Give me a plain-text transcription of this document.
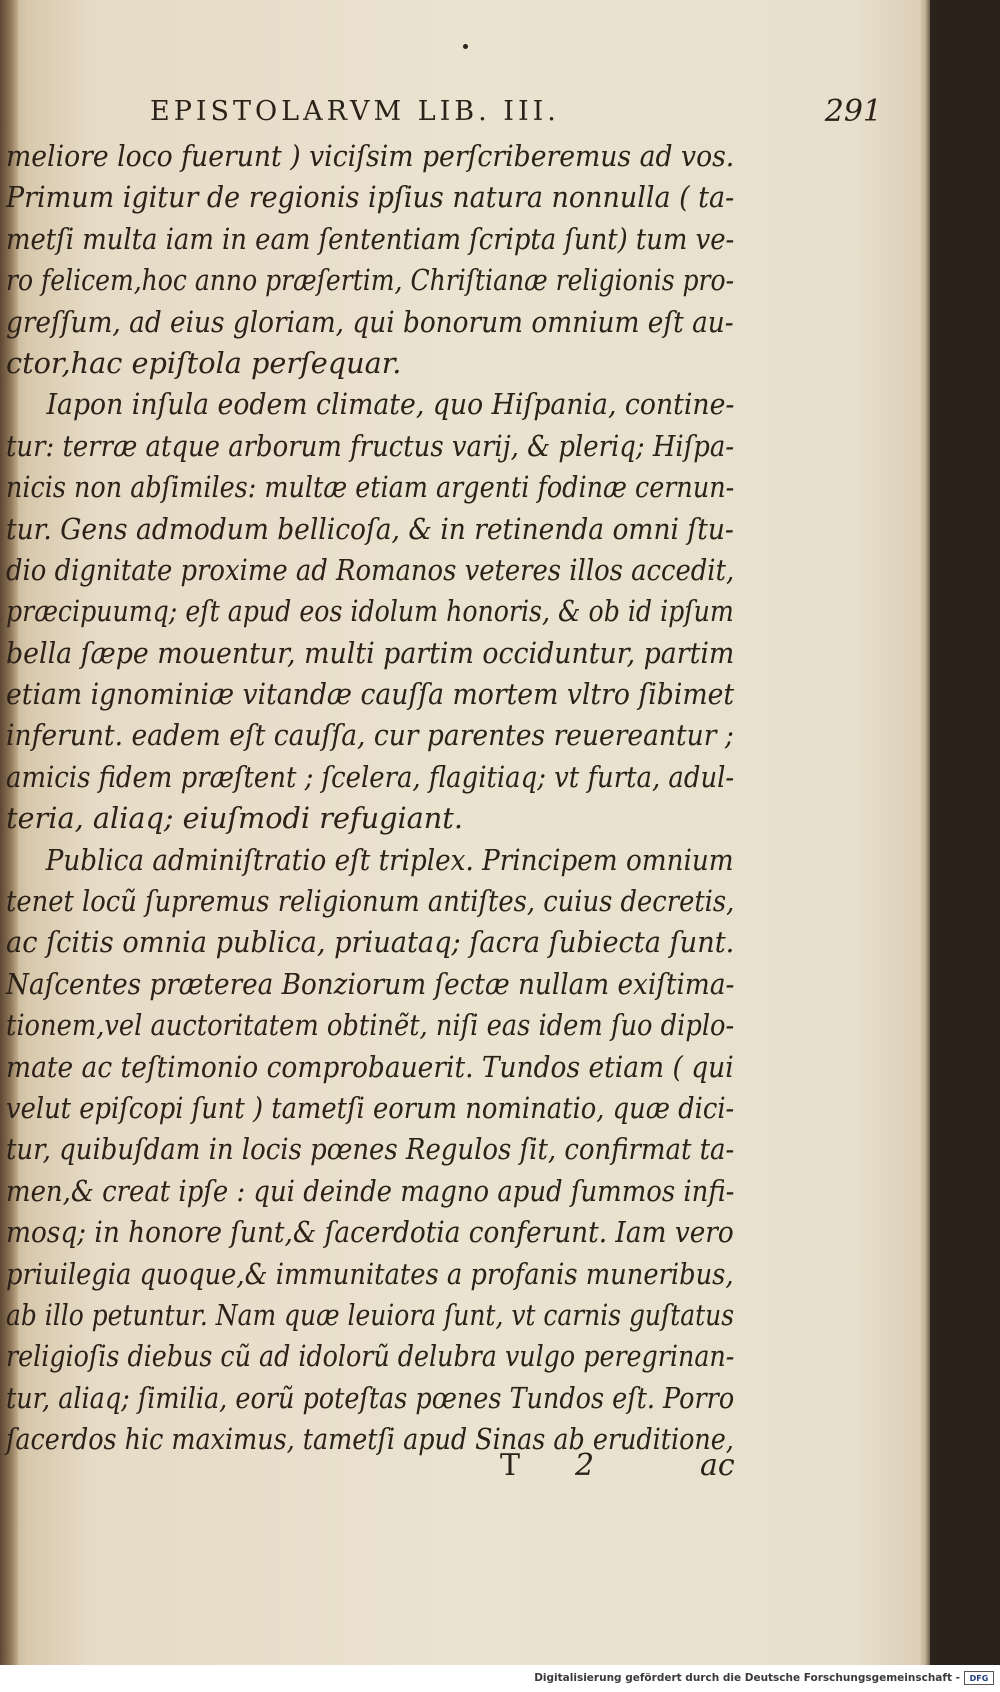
EPISTOLARVM LIB. III.	291
meliore loco fuerunt ) viciſsim perſcriberemus ad vos.
Primum igitur de regionis ipſius natura nonnulla ( ta-
metſi multa iam in eam ſententiam ſcripta ſunt) tum ve-
ro felicem,hoc anno præſertim, Chriſtianæ religionis pro-
greſſum, ad eius gloriam, qui bonorum omnium eſt au-
ctor,hac epiſtola perſequar.
Iapon inſula eodem climate, quo Hiſpania, contine-
tur: terræ atque arborum fructus varij, & pleriq; Hiſpa-
nicis non abſimiles: multæ etiam argenti fodinæ cernun-
tur. Gens admodum bellicoſa, & in retinenda omni ſtu-
dio dignitate proxime ad Romanos veteres illos accedit,
præcipuumq; eſt apud eos idolum honoris, & ob id ipſum
bella ſæpe mouentur, multi partim occiduntur, partim
etiam ignominiæ vitandæ cauſſa mortem vltro ſibimet
inferunt. eadem eſt cauſſa, cur parentes reuereantur ;
amicis fidem præſtent ; ſcelera, flagitiaq; vt furta, adul-
teria, aliaq; eiuſmodi refugiant.
Publica adminiſtratio eſt triplex. Principem omnium
tenet locũ ſupremus religionum antiſtes, cuius decretis,
ac ſcitis omnia publica, priuataq; ſacra ſubiecta ſunt.
Naſcentes præterea Bonziorum ſectæ nullam exiſtima-
tionem,vel auctoritatem obtinẽt, niſi eas idem ſuo diplo-
mate ac teſtimonio comprobauerit. Tundos etiam ( qui
velut epiſcopi ſunt ) tametſi eorum nominatio, quæ dici-
tur, quibuſdam in locis pœnes Regulos ſit, confirmat ta-
men,& creat ipſe : qui deinde magno apud ſummos infi-
mosq; in honore ſunt,& ſacerdotia conferunt. Iam vero
priuilegia quoque,& immunitates a profanis muneribus,
ab illo petuntur. Nam quæ leuiora ſunt, vt carnis guſtatus
religioſis diebus cũ ad idolorũ delubra vulgo peregrinan-
tur, aliaq; ſimilia, eorũ poteſtas pœnes Tundos eſt. Porro
ſacerdos hic maximus, tametſi apud Sinas ab eruditione,
T 2	ac
Digitalisierung gefördert durch die Deutsche Forschungsgemeinschaft -	DFG
